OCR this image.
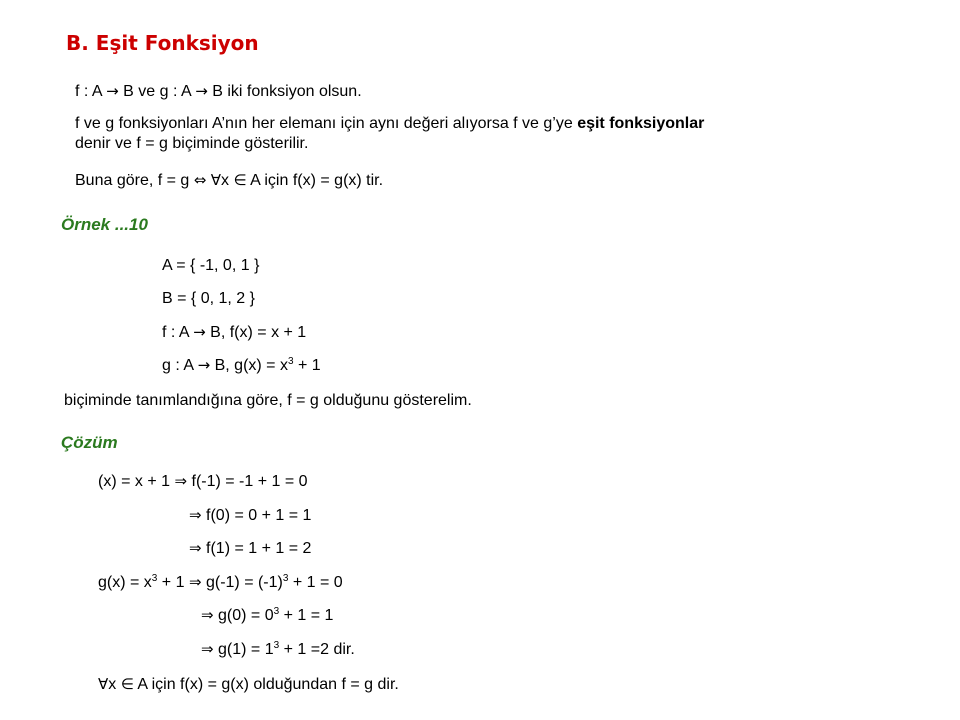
B. Eşit Fonksiyon
f : A → B ve g : A → B iki fonksiyon olsun.
f ve g fonksiyonları A’nın her elemanı için aynı değeri alıyorsa f ve g’ye eşit fonksiyonlar denir ve f = g biçiminde gösterilir.
Buna göre, f = g ⇔ ∀x ∈ A için f(x) = g(x) tir.
Örnek ...10
A = { -1, 0, 1 }
B = { 0, 1, 2 }
f : A → B, f(x) = x + 1
g : A → B, $g(x) = x^3 + 1$
biçiminde tanımlandığına göre, f = g olduğunu gösterelim.
Çözüm
(x) = x + 1 ⇒ f(-1) = -1 + 1 = 0
⇒ f(0) = 0 + 1 = 1
⇒ f(1) = 1 + 1 = 2
$g(x) = x^3 + 1$ ⇒ $g(-1) = (-1)^3 + 1 = 0$
⇒ $g(0) = 0^3 + 1 = 1$
⇒ $g(1) = 1^3 + 1 =2$ dir.
∀x ∈ A için f(x) = g(x) olduğundan f = g dir.
